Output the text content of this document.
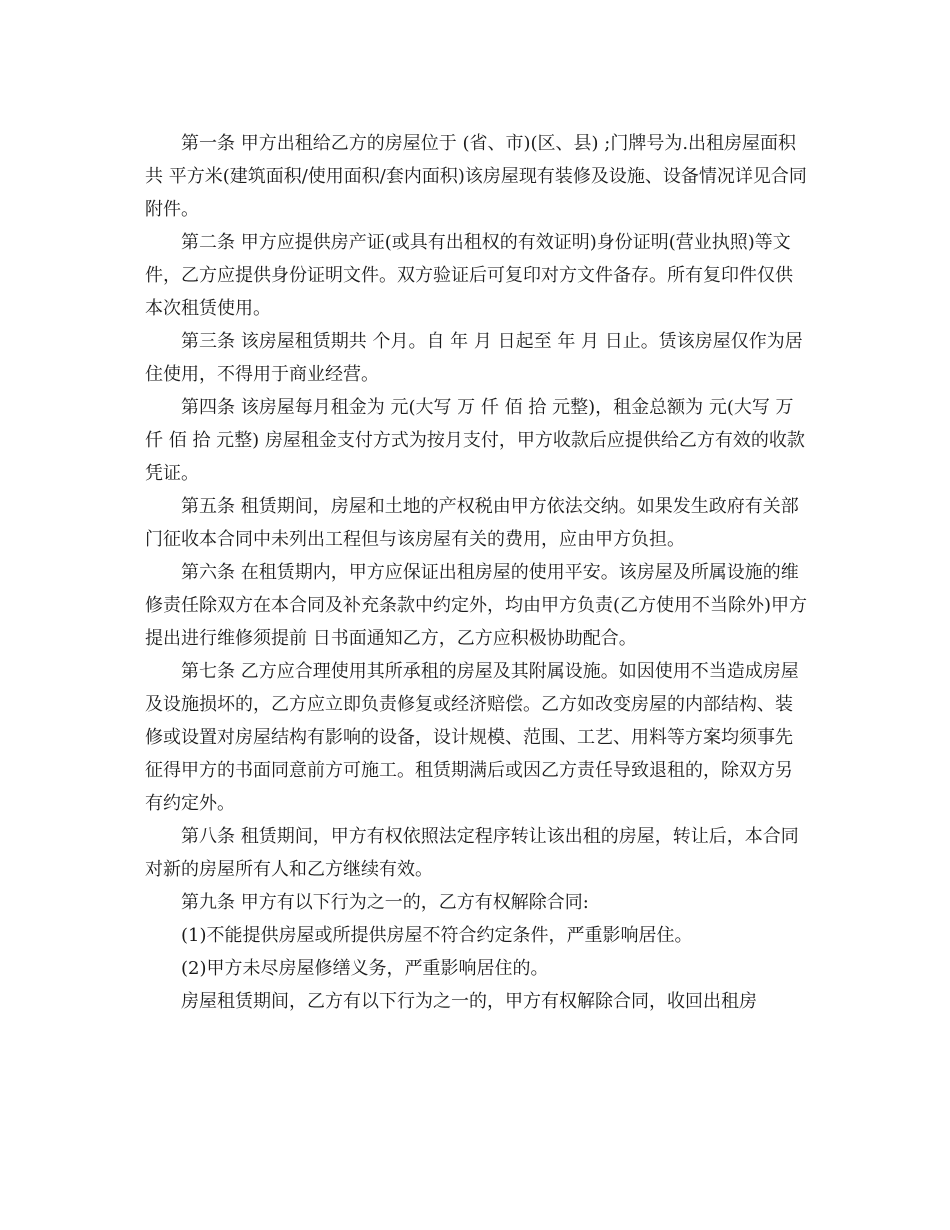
第一条 甲方出租给乙方的房屋位于 (省、市)(区、县) ;门牌号为.出租房屋面积共 平方米(建筑面积/使用面积/套内面积)该房屋现有装修及设施、设备情况详见合同附件。

第二条 甲方应提供房产证(或具有出租权的有效证明)身份证明(营业执照)等文件，乙方应提供身份证明文件。双方验证后可复印对方文件备存。所有复印件仅供本次租赁使用。

第三条 该房屋租赁期共 个月。自 年 月 日起至 年 月 日止。赁该房屋仅作为居住使用，不得用于商业经营。

第四条 该房屋每月租金为 元(大写 万 仟 佰 拾 元整)，租金总额为 元(大写 万 仟 佰 拾 元整) 房屋租金支付方式为按月支付，甲方收款后应提供给乙方有效的收款凭证。

第五条 租赁期间，房屋和土地的产权税由甲方依法交纳。如果发生政府有关部门征收本合同中未列出工程但与该房屋有关的费用，应由甲方负担。

第六条 在租赁期内，甲方应保证出租房屋的使用平安。该房屋及所属设施的维修责任除双方在本合同及补充条款中约定外，均由甲方负责(乙方使用不当除外)甲方提出进行维修须提前 日书面通知乙方，乙方应积极协助配合。

第七条 乙方应合理使用其所承租的房屋及其附属设施。如因使用不当造成房屋及设施损坏的，乙方应立即负责修复或经济赔偿。乙方如改变房屋的内部结构、装修或设置对房屋结构有影响的设备，设计规模、范围、工艺、用料等方案均须事先征得甲方的书面同意前方可施工。租赁期满后或因乙方责任导致退租的，除双方另有约定外。

第八条 租赁期间，甲方有权依照法定程序转让该出租的房屋，转让后，本合同对新的房屋所有人和乙方继续有效。

第九条 甲方有以下行为之一的，乙方有权解除合同:

(1)不能提供房屋或所提供房屋不符合约定条件，严重影响居住。

(2)甲方未尽房屋修缮义务，严重影响居住的。

房屋租赁期间，乙方有以下行为之一的，甲方有权解除合同，收回出租房
